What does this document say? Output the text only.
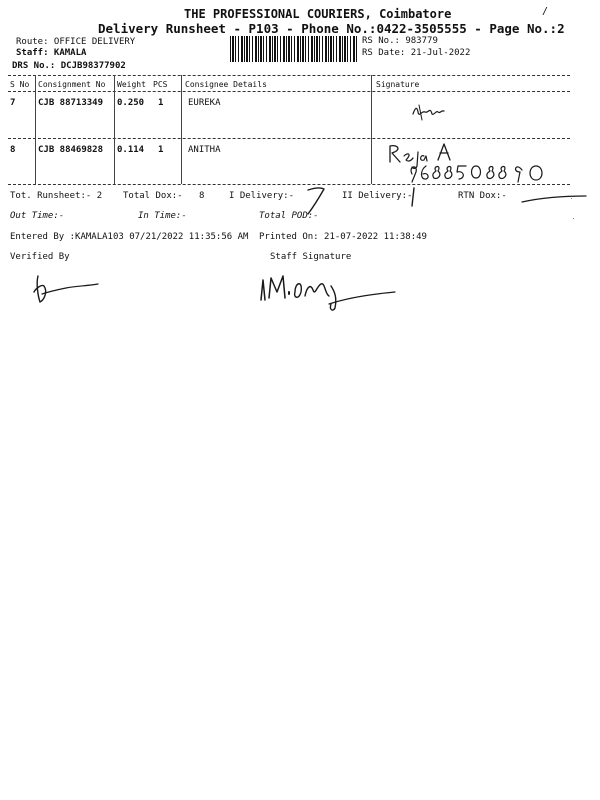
THE PROFESSIONAL COURIERS, Coimbatore
Delivery Runsheet - P103 - Phone No.:0422-3505555 - Page No.:2
Route: OFFICE DELIVERY
Staff: KAMALA
DRS No.: DCJB98377902
RS No.: 983779
RS Date: 21-Jul-2022
S No Consignment No Weight PCS Consignee Details	Signature
7	CJB 88713349 0.250 1	EUREKA
8	CJB 88469828 0.114 1	ANITHA
Tot. Runsheet:- 2 Total Dox:- 8	I Delivery:-	II Delivery:-	RTN Dox:-
Out Time:-	In Time:-	Total POD:-
Entered By :KAMALA103 07/21/2022 11:35:56 AM Printed On: 21-07-2022 11:38:49
Verified By	Staff Signature
/
